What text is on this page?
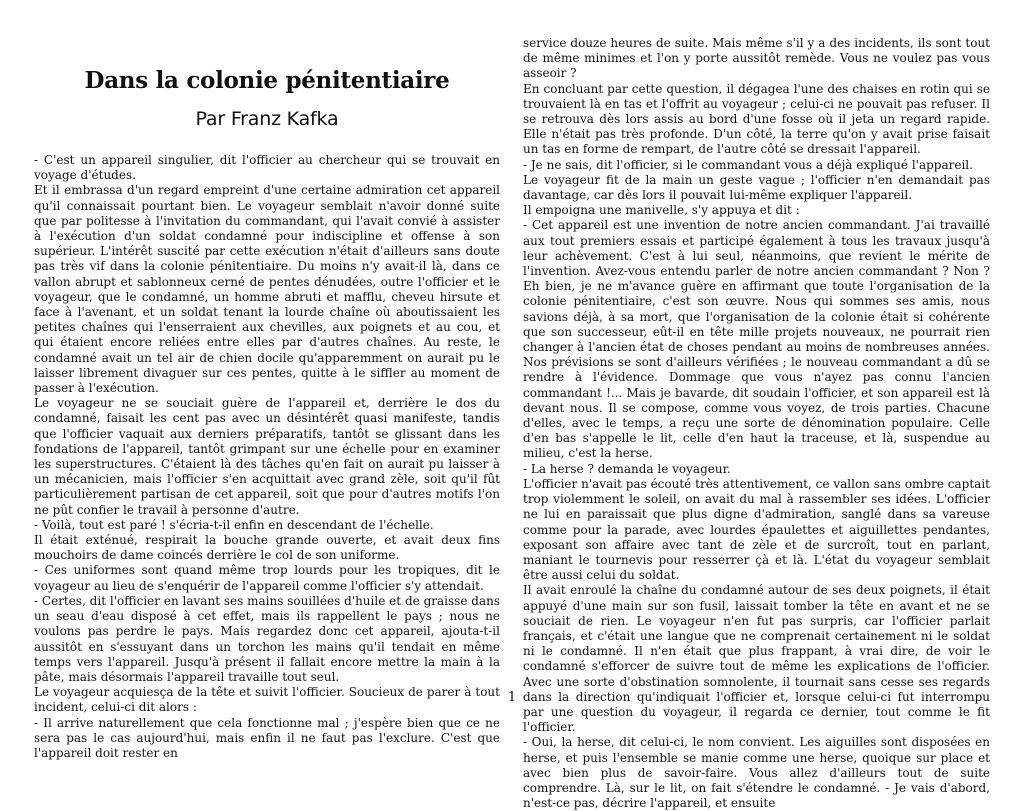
Dans la colonie pénitentiaire
Par Franz Kafka

- C'est un appareil singulier, dit l'officier au chercheur qui se trouvait en voyage d'études.

Et il embrassa d'un regard empreint d'une certaine admiration cet appareil qu'il connaissait pourtant bien. Le voyageur semblait n'avoir donné suite que par politesse à l'invitation du commandant, qui l'avait convié à assister à l'exécution d'un soldat condamné pour indiscipline et offense à son supérieur. L'intérêt suscité par cette exécution n'était d'ailleurs sans doute pas très vif dans la colonie pénitentiaire. Du moins n'y avait-il là, dans ce vallon abrupt et sablonneux cerné de pentes dénudées, outre l'officier et le voyageur, que le condamné, un homme abruti et mafflu, cheveu hirsute et face à l'avenant, et un soldat tenant la lourde chaîne où aboutissaient les petites chaînes qui l'enserraient aux chevilles, aux poignets et au cou, et qui étaient encore reliées entre elles par d'autres chaînes. Au reste, le condamné avait un tel air de chien docile qu'apparemment on aurait pu le laisser librement divaguer sur ces pentes, quitte à le siffler au moment de passer à l'exécution.

Le voyageur ne se souciait guère de l'appareil et, derrière le dos du condamné, faisait les cent pas avec un désintérêt quasi manifeste, tandis que l'officier vaquait aux derniers préparatifs, tantôt se glissant dans les fondations de l'appareil, tantôt grimpant sur une échelle pour en examiner les superstructures. C'étaient là des tâches qu'en fait on aurait pu laisser à un mécanicien, mais l'officier s'en acquittait avec grand zèle, soit qu'il fût particulièrement partisan de cet appareil, soit que pour d'autres motifs l'on ne pût confier le travail à personne d'autre.

- Voilà, tout est paré ! s'écria-t-il enfin en descendant de l'échelle.

Il était exténué, respirait la bouche grande ouverte, et avait deux fins mouchoirs de dame coincés derrière le col de son uniforme.

- Ces uniformes sont quand même trop lourds pour les tropiques, dit le voyageur au lieu de s'enquérir de l'appareil comme l'officier s'y attendait.

- Certes, dit l'officier en lavant ses mains souillées d'huile et de graisse dans un seau d'eau disposé à cet effet, mais ils rappellent le pays ; nous ne voulons pas perdre le pays. Mais regardez donc cet appareil, ajouta-t-il aussitôt en s'essuyant dans un torchon les mains qu'il tendait en même temps vers l'appareil. Jusqu'à présent il fallait encore mettre la main à la pâte, mais désormais l'appareil travaille tout seul.

Le voyageur acquiesça de la tête et suivit l'officier. Soucieux de parer à tout incident, celui-ci dit alors :

- Il arrive naturellement que cela fonctionne mal ; j'espère bien que ce ne sera pas le cas aujourd'hui, mais enfin il ne faut pas l'exclure. C'est que l'appareil doit rester en

service douze heures de suite. Mais même s'il y a des incidents, ils sont tout de même minimes et l'on y porte aussitôt remède. Vous ne voulez pas vous asseoir ?

En concluant par cette question, il dégagea l'une des chaises en rotin qui se trouvaient là en tas et l'offrit au voyageur ; celui-ci ne pouvait pas refuser. Il se retrouva dès lors assis au bord d'une fosse où il jeta un regard rapide. Elle n'était pas très profonde. D'un côté, la terre qu'on y avait prise faisait un tas en forme de rempart, de l'autre côté se dressait l'appareil.

- Je ne sais, dit l'officier, si le commandant vous a déjà expliqué l'appareil.

Le voyageur fit de la main un geste vague ; l'officier n'en demandait pas davantage, car dès lors il pouvait lui-même expliquer l'appareil.

Il empoigna une manivelle, s'y appuya et dit :

- Cet appareil est une invention de notre ancien commandant. J'ai travaillé aux tout premiers essais et participé également à tous les travaux jusqu'à leur achèvement. C'est à lui seul, néanmoins, que revient le mérite de l'invention. Avez-vous entendu parler de notre ancien commandant ? Non ? Eh bien, je ne m'avance guère en affirmant que toute l'organisation de la colonie pénitentiaire, c'est son œuvre. Nous qui sommes ses amis, nous savions déjà, à sa mort, que l'organisation de la colonie était si cohérente que son successeur, eût-il en tête mille projets nouveaux, ne pourrait rien changer à l'ancien état de choses pendant au moins de nombreuses années. Nos prévisions se sont d'ailleurs vérifiées ; le nouveau commandant a dû se rendre à l'évidence. Dommage que vous n'ayez pas connu l'ancien commandant !... Mais je bavarde, dit soudain l'officier, et son appareil est là devant nous. Il se compose, comme vous voyez, de trois parties. Chacune d'elles, avec le temps, a reçu une sorte de dénomination populaire. Celle d'en bas s'appelle le lit, celle d'en haut la traceuse, et là, suspendue au milieu, c'est la herse.

- La herse ? demanda le voyageur.

L'officier n'avait pas écouté très attentivement, ce vallon sans ombre captait trop violemment le soleil, on avait du mal à rassembler ses idées. L'officier ne lui en paraissait que plus digne d'admiration, sanglé dans sa vareuse comme pour la parade, avec lourdes épaulettes et aiguillettes pendantes, exposant son affaire avec tant de zèle et de surcroît, tout en parlant, maniant le tournevis pour resserrer çà et là. L'état du voyageur semblait être aussi celui du soldat.

Il avait enroulé la chaîne du condamné autour de ses deux poignets, il était appuyé d'une main sur son fusil, laissait tomber la tête en avant et ne se souciait de rien. Le voyageur n'en fut pas surpris, car l'officier parlait français, et c'était une langue que ne comprenait certainement ni le soldat ni le condamné. Il n'en était que plus frappant, à vrai dire, de voir le condamné s'efforcer de suivre tout de même les explications de l'officier. Avec une sorte d'obstination somnolente, il tournait sans cesse ses regards dans la direction qu'indiquait l'officier et, lorsque celui-ci fut interrompu par une question du voyageur, il regarda ce dernier, tout comme le fit l'officier.

- Oui, la herse, dit celui-ci, le nom convient. Les aiguilles sont disposées en herse, et puis l'ensemble se manie comme une herse, quoique sur place et avec bien plus de savoir-faire. Vous allez d'ailleurs tout de suite comprendre. Là, sur le lit, on fait s'étendre le condamné. - Je vais d'abord, n'est-ce pas, décrire l'appareil, et ensuite

1
